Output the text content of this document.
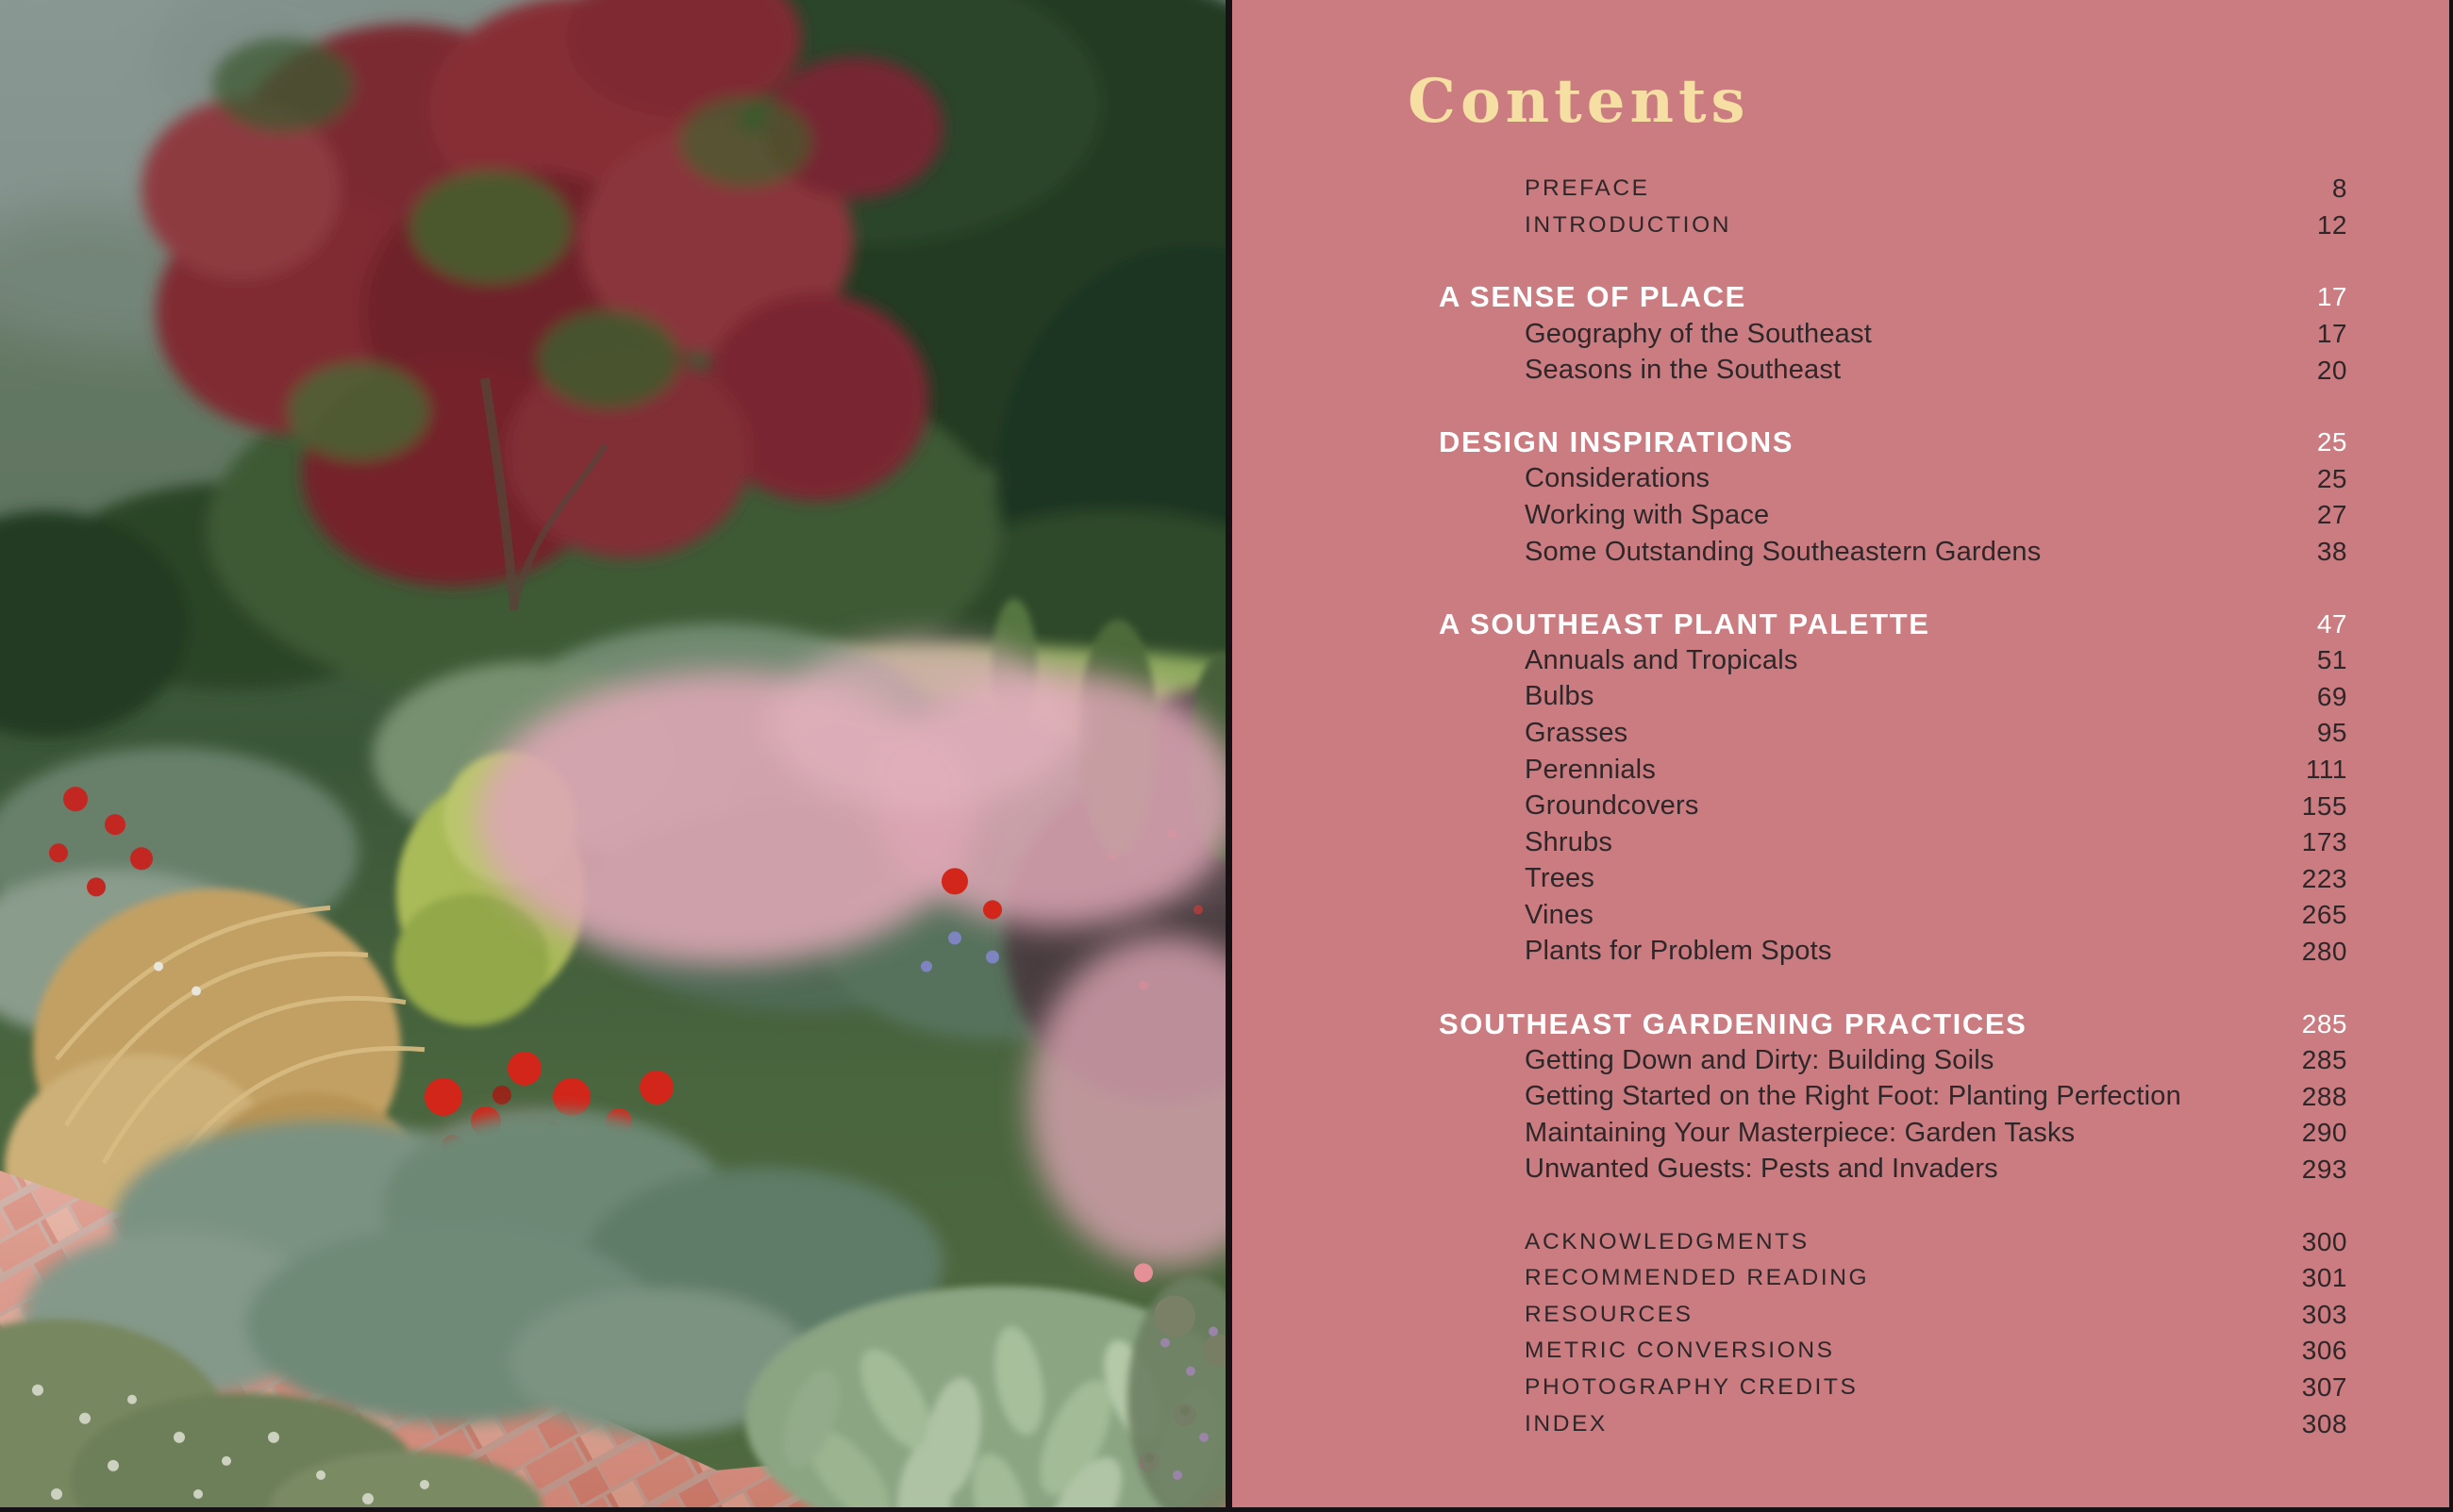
Contents
PREFACE	8
INTRODUCTION	12
A SENSE OF PLACE	17
Geography of the Southeast	17
Seasons in the Southeast	20
DESIGN INSPIRATIONS	25
Considerations	25
Working with Space	27
Some Outstanding Southeastern Gardens	38
A SOUTHEAST PLANT PALETTE	47
Annuals and Tropicals	51
Bulbs	69
Grasses	95
Perennials	111
Groundcovers	155
Shrubs	173
Trees	223
Vines	265
Plants for Problem Spots	280
SOUTHEAST GARDENING PRACTICES	285
Getting Down and Dirty: Building Soils	285
Getting Started on the Right Foot: Planting Perfection	288
Maintaining Your Masterpiece: Garden Tasks	290
Unwanted Guests: Pests and Invaders	293
ACKNOWLEDGMENTS	300
RECOMMENDED READING	301
RESOURCES	303
METRIC CONVERSIONS	306
PHOTOGRAPHY CREDITS	307
INDEX	308
